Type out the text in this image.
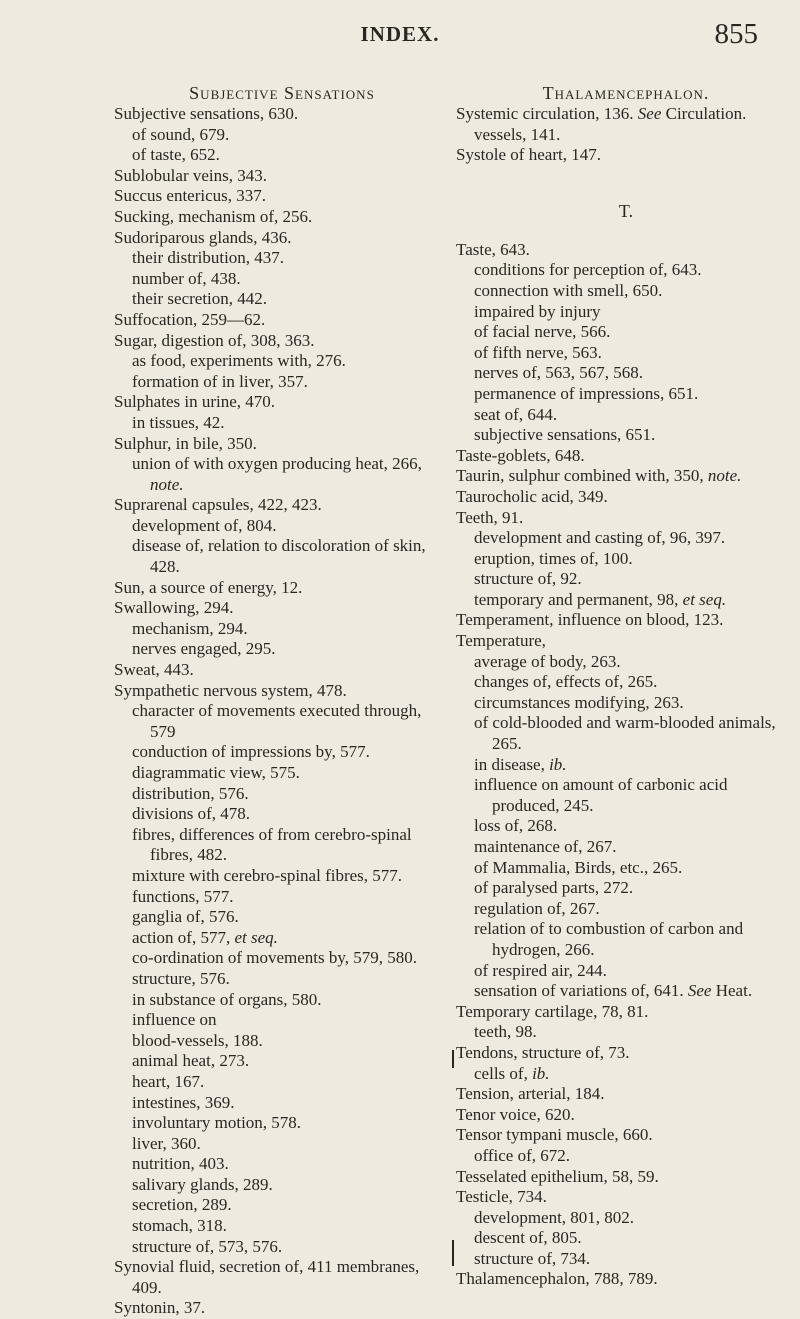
INDEX.	855

Subjective Sensations

Subjective sensations, 630.
of sound, 679.
of taste, 652.
Sublobular veins, 343.
Succus entericus, 337.
Sucking, mechanism of, 256.
Sudoriparous glands, 436.
their distribution, 437.
number of, 438.
their secretion, 442.
Suffocation, 259—62.
Sugar, digestion of, 308, 363.
as food, experiments with, 276.
formation of in liver, 357.
Sulphates in urine, 470.
in tissues, 42.
Sulphur, in bile, 350.
union of with oxygen producing heat, 266, note.
Suprarenal capsules, 422, 423.
development of, 804.
disease of, relation to discoloration of skin, 428.
Sun, a source of energy, 12.
Swallowing, 294.
mechanism, 294.
nerves engaged, 295.
Sweat, 443.
Sympathetic nervous system, 478.
character of movements executed through, 579
conduction of impressions by, 577.
diagrammatic view, 575.
distribution, 576.
divisions of, 478.
fibres, differences of from cerebro-spinal fibres, 482.
mixture with cerebro-spinal fibres, 577.
functions, 577.
ganglia of, 576.
action of, 577, et seq.
co-ordination of movements by, 579, 580.
structure, 576.
in substance of organs, 580.
influence on
blood-vessels, 188.
animal heat, 273.
heart, 167.
intestines, 369.
involuntary motion, 578.
liver, 360.
nutrition, 403.
salivary glands, 289.
secretion, 289.
stomach, 318.
structure of, 573, 576.
Synovial fluid, secretion of, 411 membranes, 409.
Syntonin, 37.

Thalamencephalon.

Systemic circulation, 136. See Circulation.
vessels, 141.
Systole of heart, 147.

T.

Taste, 643.
conditions for perception of, 643.
connection with smell, 650.
impaired by injury
of facial nerve, 566.
of fifth nerve, 563.
nerves of, 563, 567, 568.
permanence of impressions, 651.
seat of, 644.
subjective sensations, 651.
Taste-goblets, 648.
Taurin, sulphur combined with, 350, note.
Taurocholic acid, 349.
Teeth, 91.
development and casting of, 96, 397.
eruption, times of, 100.
structure of, 92.
temporary and permanent, 98, et seq.
Temperament, influence on blood, 123.
Temperature,
average of body, 263.
changes of, effects of, 265.
circumstances modifying, 263.
of cold-blooded and warm-blooded animals, 265.
in disease, ib.
influence on amount of carbonic acid produced, 245.
loss of, 268.
maintenance of, 267.
of Mammalia, Birds, etc., 265.
of paralysed parts, 272.
regulation of, 267.
relation of to combustion of carbon and hydrogen, 266.
of respired air, 244.
sensation of variations of, 641. See Heat.
Temporary cartilage, 78, 81.
teeth, 98.
Tendons, structure of, 73.
cells of, ib.
Tension, arterial, 184.
Tenor voice, 620.
Tensor tympani muscle, 660.
office of, 672.
Tesselated epithelium, 58, 59.
Testicle, 734.
development, 801, 802.
descent of, 805.
structure of, 734.
Thalamencephalon, 788, 789.
